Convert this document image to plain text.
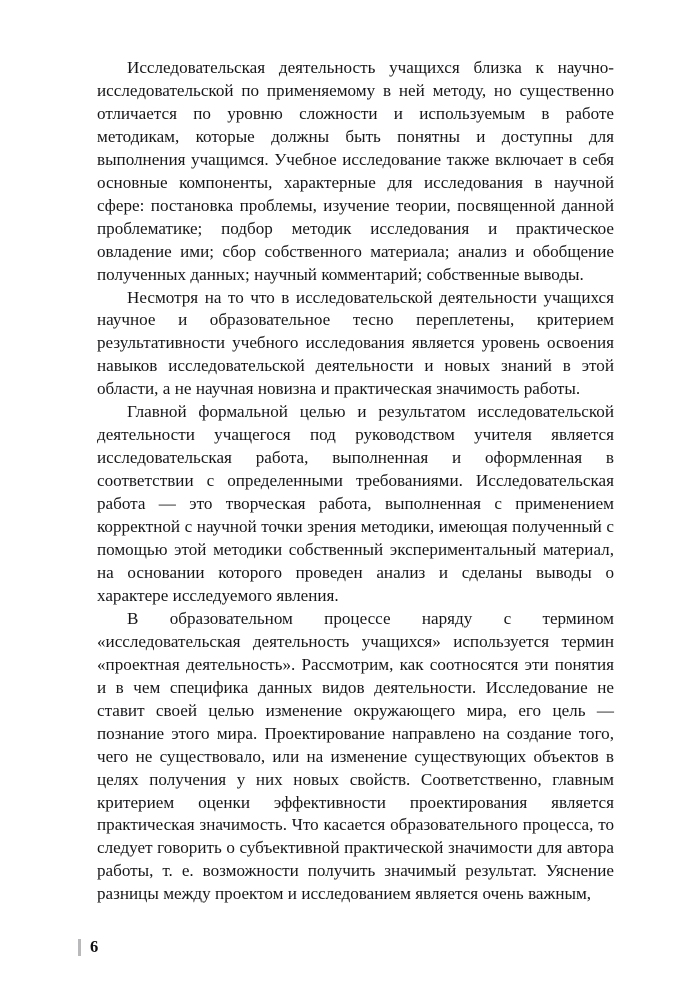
Исследовательская деятельность учащихся близка к научно-исследовательской по применяемому в ней методу, но существенно отличается по уровню сложности и используемым в работе методикам, которые должны быть понятны и доступны для выполнения учащимся. Учебное исследование также включает в себя основные компоненты, характерные для исследования в научной сфере: постановка проблемы, изучение теории, посвященной данной проблематике; подбор методик исследования и практическое овладение ими; сбор собственного материала; анализ и обобщение полученных данных; научный комментарий; собственные выводы.

Несмотря на то что в исследовательской деятельности учащихся научное и образовательное тесно переплетены, критерием результативности учебного исследования является уровень освоения навыков исследовательской деятельности и новых знаний в этой области, а не научная новизна и практическая значимость работы.

Главной формальной целью и результатом исследовательской деятельности учащегося под руководством учителя является исследовательская работа, выполненная и оформленная в соответствии с определенными требованиями. Исследовательская работа — это творческая работа, выполненная с применением корректной с научной точки зрения методики, имеющая полученный с помощью этой методики собственный экспериментальный материал, на основании которого проведен анализ и сделаны выводы о характере исследуемого явления.

В образовательном процессе наряду с термином «исследовательская деятельность учащихся» используется термин «проектная деятельность». Рассмотрим, как соотносятся эти понятия и в чем специфика данных видов деятельности. Исследование не ставит своей целью изменение окружающего мира, его цель — познание этого мира. Проектирование направлено на создание того, чего не существовало, или на изменение существующих объектов в целях получения у них новых свойств. Соответственно, главным критерием оценки эффективности проектирования является практическая значимость. Что касается образовательного процесса, то следует говорить о субъективной практической значимости для автора работы, т. е. возможности получить значимый результат. Уяснение разницы между проектом и исследованием является очень важным,

6
